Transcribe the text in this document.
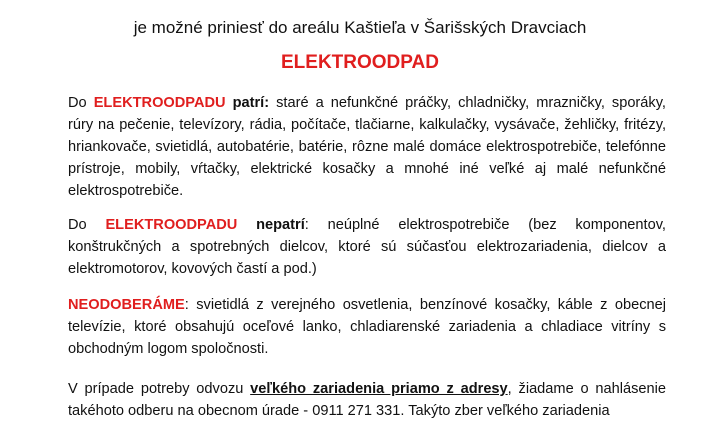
je možné priniesť do areálu Kaštieľa v Šarišských Dravciach
ELEKTROODPAD
Do ELEKTROODPADU patrí: staré a nefunkčné práčky, chladničky, mrazničky, sporáky, rúry na pečenie, televízory, rádia, počítače, tlačiarne, kalkulačky, vysávače, žehličky, fritézy, hriankovače, svietidlá, autobatérie, batérie, rôzne malé domáce elektrospotrebiče, telefónne prístroje, mobily, vŕtačky, elektrické kosačky a mnohé iné veľké aj malé nefunkčné elektrospotrebiče.
Do ELEKTROODPADU nepatrí: neúplné elektrospotrebiče (bez komponentov, konštrukčných a spotrebných dielcov, ktoré sú súčasťou elektrozariadenia, dielcov a elektromotorov, kovových častí a pod.)
NEODOBERÁME: svietidlá z verejného osvetlenia, benzínové kosačky, káble z obecnej televízie, ktoré obsahujú oceľové lanko, chladiarenské zariadenia a chladiace vitríny s obchodným logom spoločnosti.
V prípade potreby odvozu veľkého zariadenia priamo z adresy, žiadame o nahlásenie takéhoto odberu na obecnom úrade - 0911 271 331. Takýto zber veľkého zariadenia
